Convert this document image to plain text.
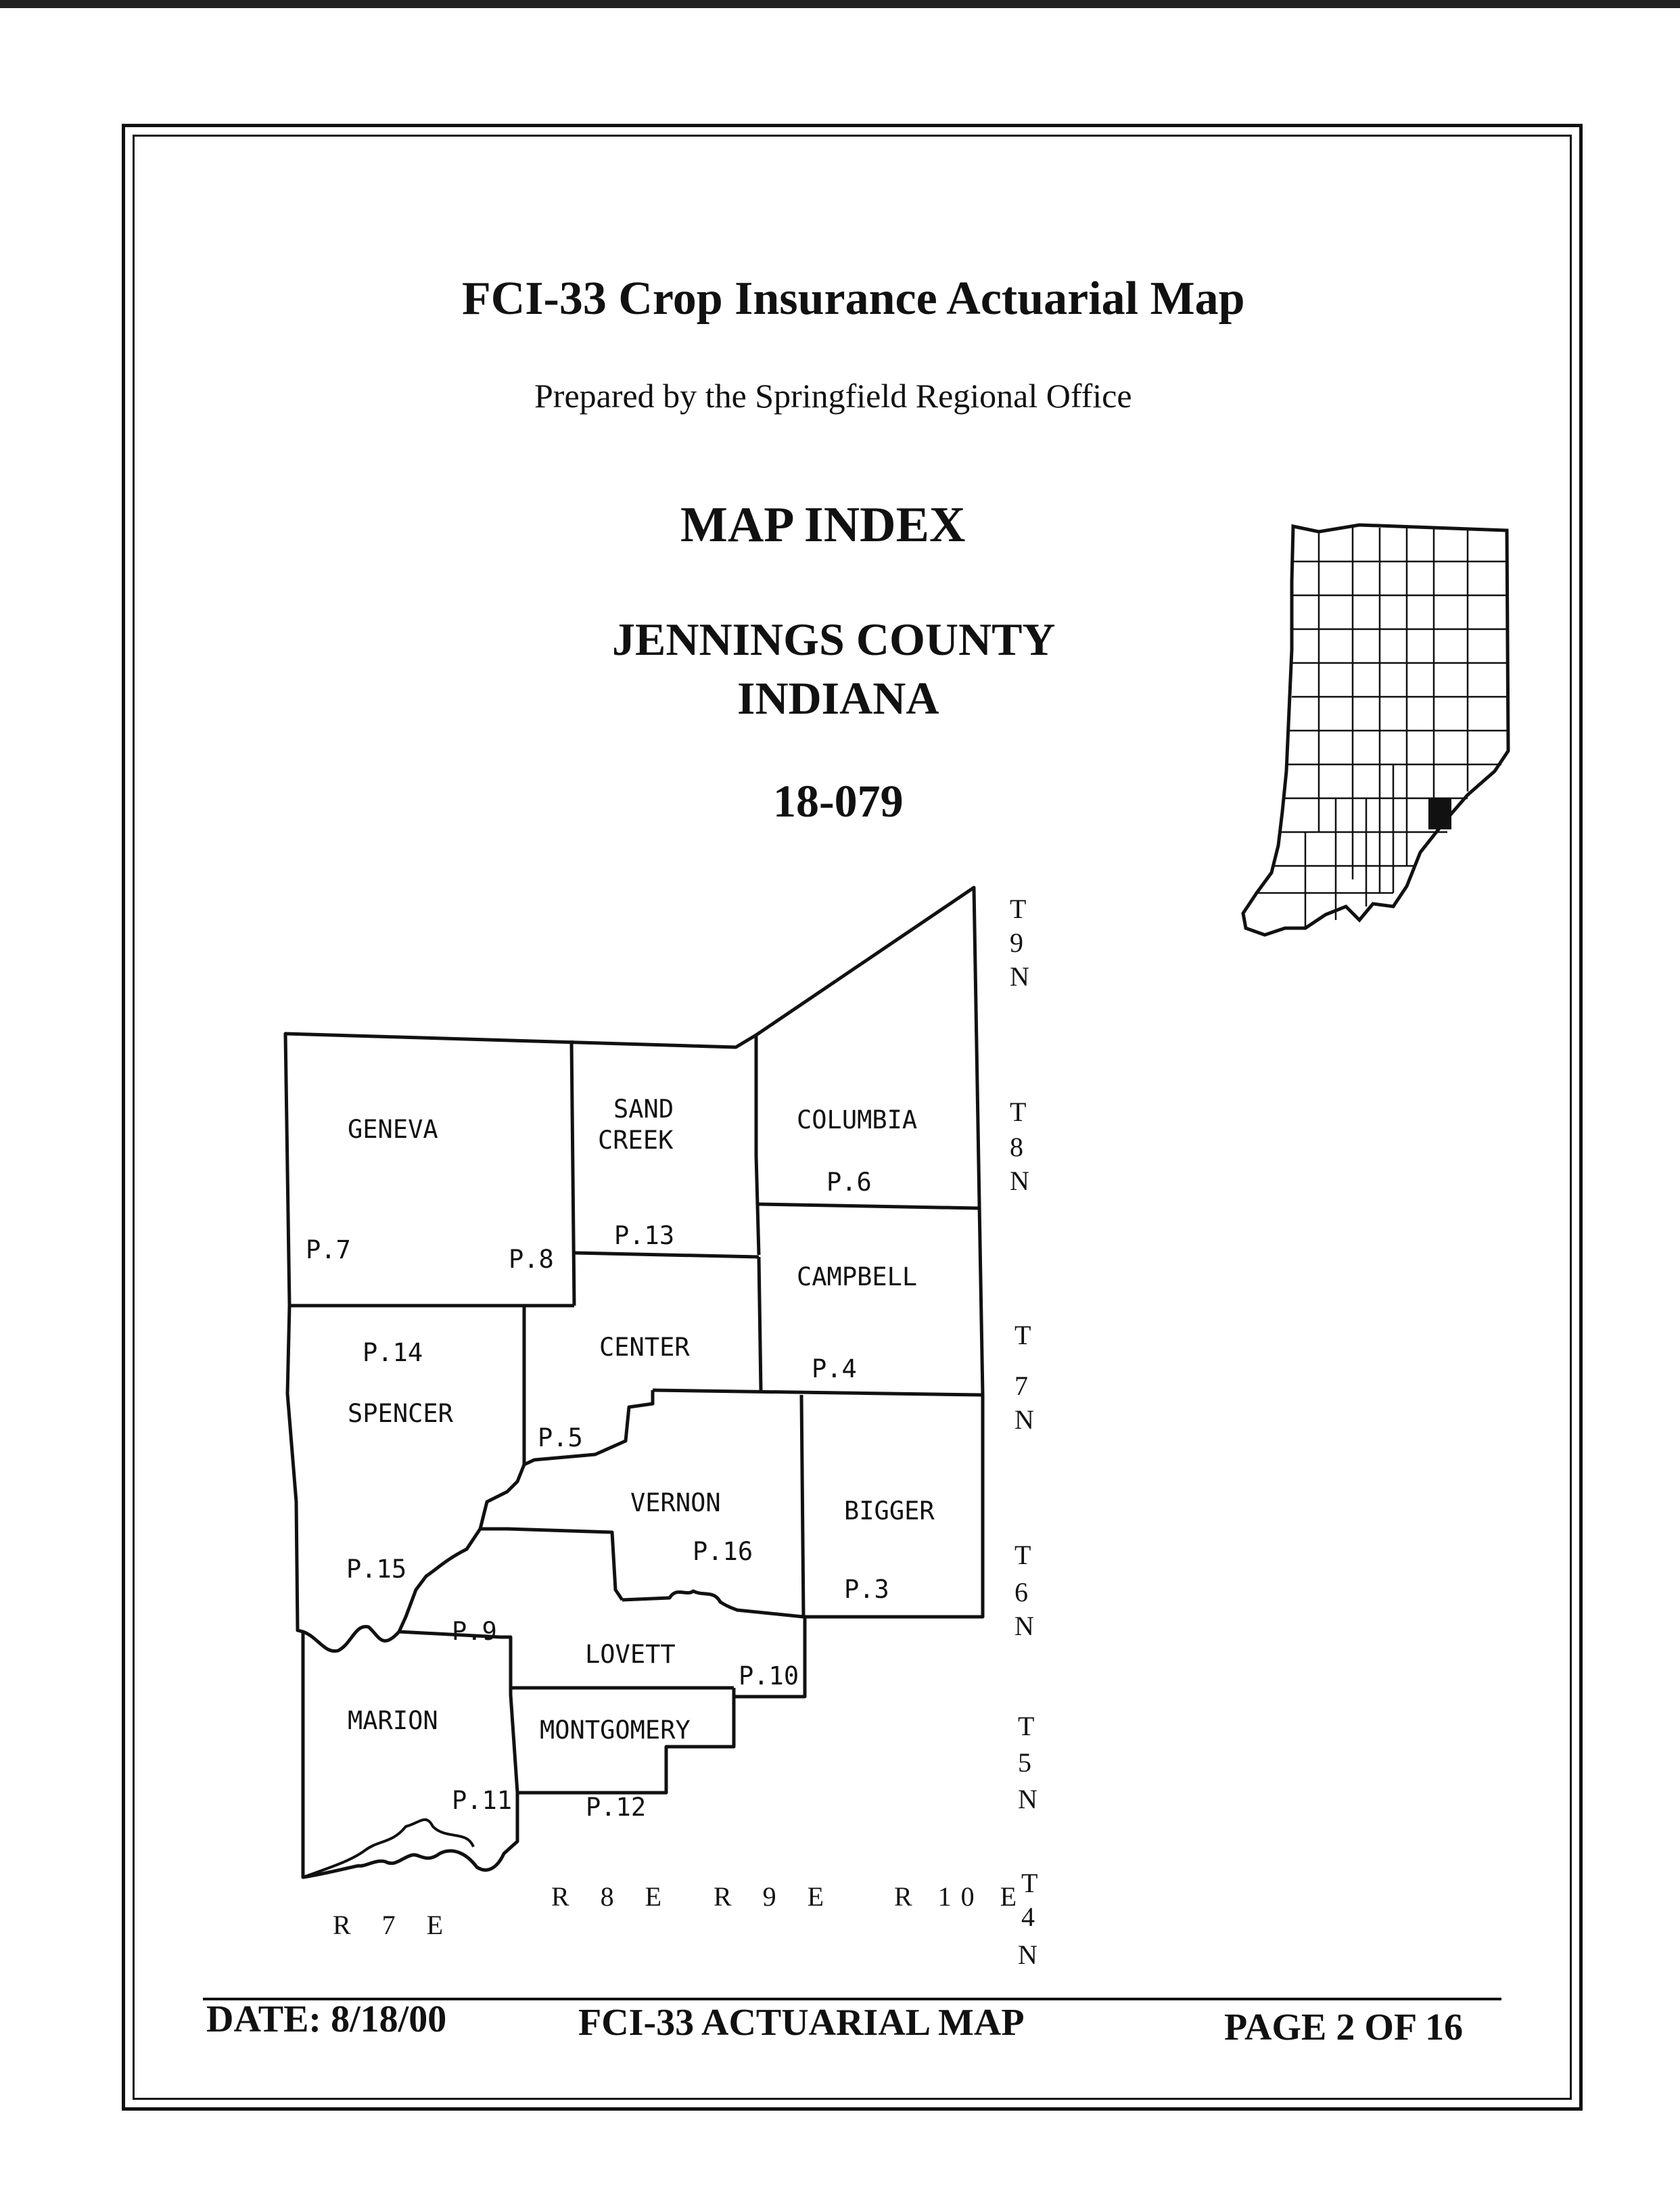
FCI-33 Crop Insurance Actuarial Map
Prepared by the Springfield Regional Office
MAP INDEX
JENNINGS COUNTY
INDIANA
18-079
GENEVA
P.7	P.8
SAND
CREEK
P.13
COLUMBIA
P.6
CAMPBELL
P.4
CENTER
P.5
P.14
SPENCER
P.15
VERNON
P.16
BIGGER
P.3
P.9
LOVETT
P.10
MARION
P.11
MONTGOMERY
P.12
T
9
N
T
8
N
T
7
N
T
6
N
T
5
N
T
4
N
R 7 E
R 8 E R 9 E R 10 E
DATE: 8/18/00	FCI-33 ACTUARIAL MAP	PAGE 2 OF 16
